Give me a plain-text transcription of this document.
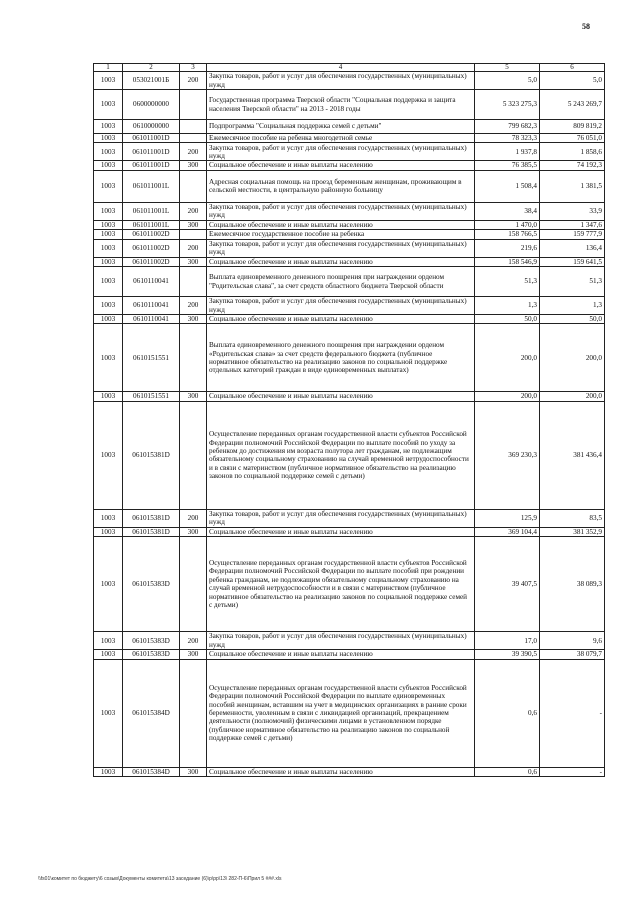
58
1	2	3	4	5	6
1003	053021001Б	200	Закупка товаров, работ и услуг для обеспечения государственных (муниципальных) нужд	5,0	5,0
1003	0600000000		Государственная программа Тверской области "Социальная поддержка и защита населения Тверской области" на 2013 - 2018 годы	5 323 275,3	5 243 269,7
1003	0610000000		Подпрограмма "Социальная поддержка семей с детьми"	799 682,3	809 819,2
1003	061011001D		Ежемесячное пособие на ребенка многодетной семье	78 323,3	76 051,0
1003	061011001D	200	Закупка товаров, работ и услуг для обеспечения государственных (муниципальных) нужд	1 937,8	1 858,6
1003	061011001D	300	Социальное обеспечение и иные выплаты населению	76 385,5	74 192,3
1003	061011001L		Адресная социальная помощь на проезд беременным женщинам, проживающим в сельской местности, в центральную районную больницу	1 508,4	1 381,5
1003	061011001L	200	Закупка товаров, работ и услуг для обеспечения государственных (муниципальных) нужд	38,4	33,9
1003	061011001L	300	Социальное обеспечение и иные выплаты населению	1 470,0	1 347,6
1003	061011002D		Ежемесячное государственное пособие на ребенка	158 766,5	159 777,9
1003	061011002D	200	Закупка товаров, работ и услуг для обеспечения государственных (муниципальных) нужд	219,6	136,4
1003	061011002D	300	Социальное обеспечение и иные выплаты населению	158 546,9	159 641,5
1003	0610110041		Выплата единовременного денежного поощрения при награждении орденом "Родительская слава", за счет средств областного бюджета Тверской области	51,3	51,3
1003	0610110041	200	Закупка товаров, работ и услуг для обеспечения государственных (муниципальных) нужд	1,3	1,3
1003	0610110041	300	Социальное обеспечение и иные выплаты населению	50,0	50,0
1003	0610151551		Выплата единовременного денежного поощрения при награждении орденом «Родительская слава» за счет средств федерального бюджета (публичное нормативное обязательство на реализацию законов по социальной поддержке отдельных категорий граждан в виде единовременных выплатах)	200,0	200,0
1003	0610151551	300	Социальное обеспечение и иные выплаты населению	200,0	200,0
1003	061015381D		Осуществление переданных органам государственной власти субъектов Российской Федерации полномочий Российской Федерации по выплате пособий по уходу за ребенком до достижения им возраста полутора лет гражданам, не подлежащим обязательному социальному страхованию на случай временной нетрудоспособности и в связи с материнством (публичное нормативное обязательство на реализацию законов по социальной поддержке семей с детьми)	369 230,3	381 436,4
1003	061015381D	200	Закупка товаров, работ и услуг для обеспечения государственных (муниципальных) нужд	125,9	83,5
1003	061015381D	300	Социальное обеспечение и иные выплаты населению	369 104,4	381 352,9
1003	061015383D		Осуществление переданных органам государственной власти субъектов Российской Федерации полномочий Российской Федерации по выплате пособий при рождении ребенка гражданам, не подлежащим обязательному социальному страхованию на случай временной нетрудоспособности и в связи с материнством (публичное нормативное обязательство на реализацию законов по социальной поддержке семей с детьми)	39 407,5	38 089,3
1003	061015383D	200	Закупка товаров, работ и услуг для обеспечения государственных (муниципальных) нужд	17,0	9,6
1003	061015383D	300	Социальное обеспечение и иные выплаты населению	39 390,5	38 079,7
1003	061015384D		Осуществление переданных органам государственной власти субъектов Российской Федерации полномочий Российской Федерации по выплате единовременных пособий женщинам, вставшим на учет в медицинских организациях в ранние сроки беременности, уволенным в связи с ликвидацией организаций, прекращением деятельности (полномочий) физическими лицами в установленном порядке (публичное нормативное обязательство на реализацию законов по социальной поддержке семей с детьми)	0,6	-
1003	061015384D	300	Социальное обеспечение и иные выплаты населению	0,6	-
\\fs01\комитет по бюджету\6 созыв\Документы комитета\13 заседание (6)\р\рр\13\ 282-П-6\Прил 5 ###.xls
